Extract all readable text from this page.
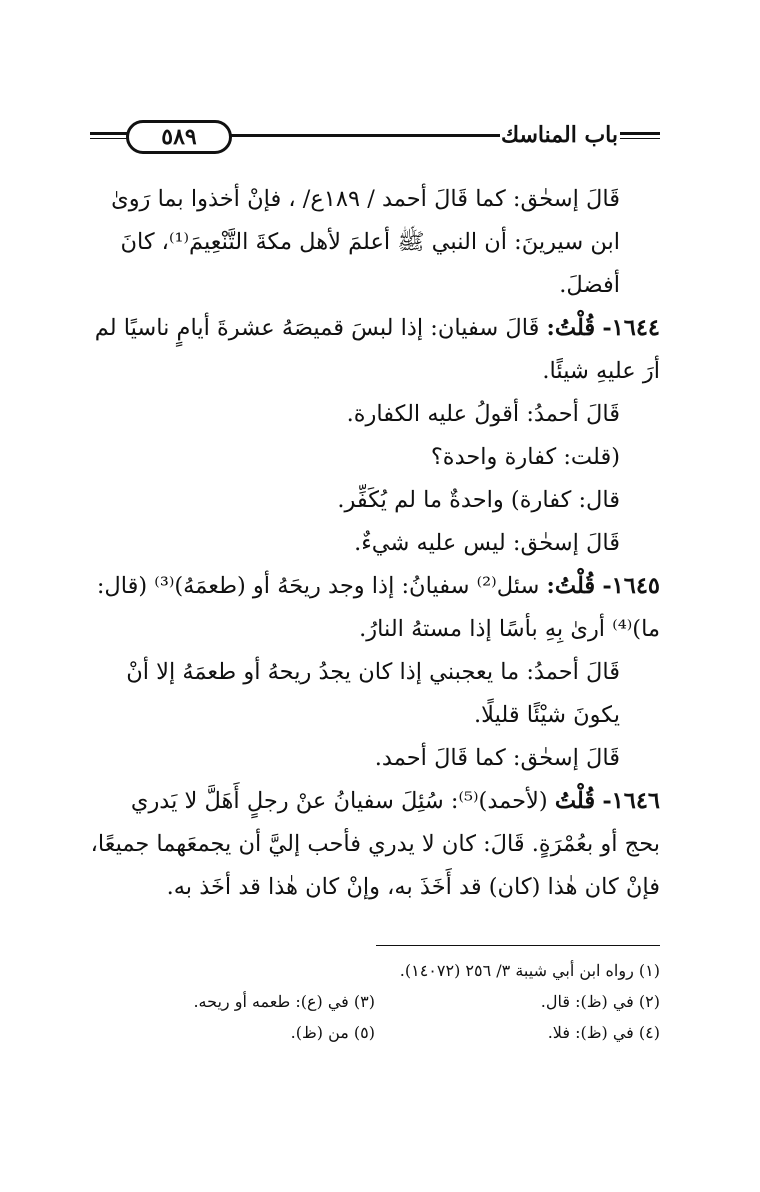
باب المناسك
٥٨٩

قَالَ إسحٰق: كما قَالَ أحمد / ١٨٩ع/ ، فإنْ أخذوا بما رَوىٰ ابن سيرينَ: أن النبي ﷺ أعلمَ لأهل مكةَ التَّنْعِيمَ⁽¹⁾، كانَ أفضلَ.

١٦٤٤- قُلْتُ: قَالَ سفيان: إذا لبسَ قميصَهُ عشرةَ أيامٍ ناسيًا لم أرَ عليهِ شيئًا.

قَالَ أحمدُ: أقولُ عليه الكفارة.

(قلت: كفارة واحدة؟

قال: كفارة) واحدةٌ ما لم يُكَفِّر.

قَالَ إسحٰق: ليس عليه شيءٌ.

١٦٤٥- قُلْتُ: سئل⁽²⁾ سفيانُ: إذا وجد ريحَهُ أو (طعمَهُ)⁽³⁾ (قال: ما)⁽⁴⁾ أرىٰ بِهِ بأسًا إذا مستهُ النارُ.

قَالَ أحمدُ: ما يعجبني إذا كان يجدُ ريحهُ أو طعمَهُ إلا أنْ يكونَ شيْئًا قليلًا.

قَالَ إسحٰق: كما قَالَ أحمد.

١٦٤٦- قُلْتُ (لأحمد)⁽⁵⁾: سُئِلَ سفيانُ عنْ رجلٍ أَهَلَّ لا يَدري بحج أو بعُمْرَةٍ. قَالَ: كان لا يدري فأحب إليَّ أن يجمعَهما جميعًا، فإنْ كان هٰذا (كان) قد أَخَذَ به، وإنْ كان هٰذا قد أخَذ به.

(١) رواه ابن أبي شيبة ٣/ ٢٥٦ (١٤٠٧٢).
(٢) في (ظ): قال.
(٣) في (ع): طعمه أو ريحه.
(٤) في (ظ): فلا.
(٥) من (ظ).
